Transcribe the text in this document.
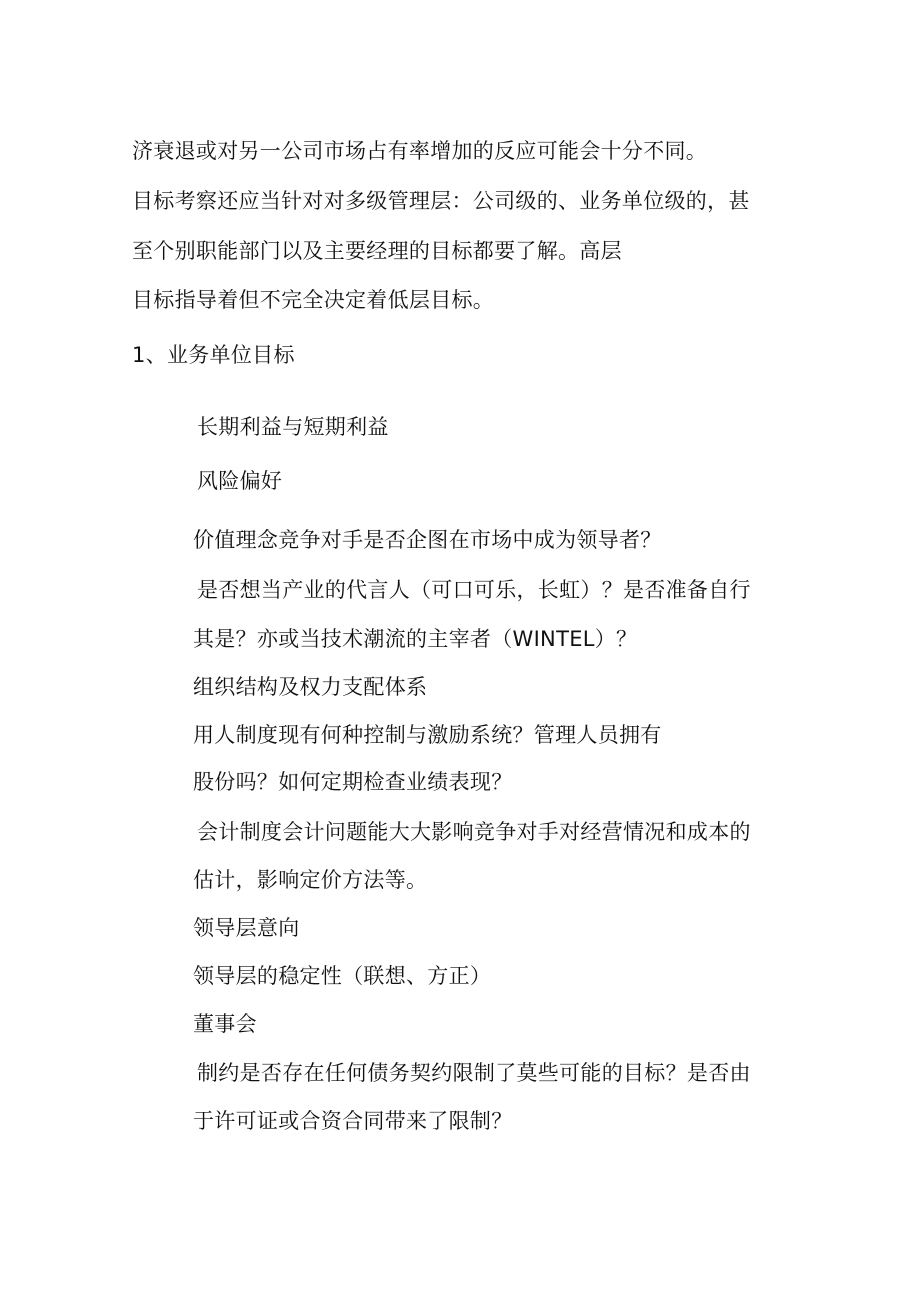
济衰退或对另一公司市场占有率增加的反应可能会十分不同。
目标考察还应当针对对多级管理层：公司级的、业务单位级的，甚
至个别职能部门以及主要经理的目标都要了解。高层
目标指导着但不完全决定着低层目标。
1、业务单位目标
长期利益与短期利益
风险偏好
价值理念竞争对手是否企图在市场中成为领导者？
是否想当产业的代言人（可口可乐，长虹）？是否准备自行
其是？亦或当技术潮流的主宰者（WINTEL）？
组织结构及权力支配体系
用人制度现有何种控制与激励系统？管理人员拥有
股份吗？如何定期检查业绩表现？
会计制度会计问题能大大影响竞争对手对经营情况和成本的
估计，影响定价方法等。
领导层意向
领导层的稳定性（联想、方正）
董事会
制约是否存在任何债务契约限制了莫些可能的目标？是否由
于许可证或合资合同带来了限制？
